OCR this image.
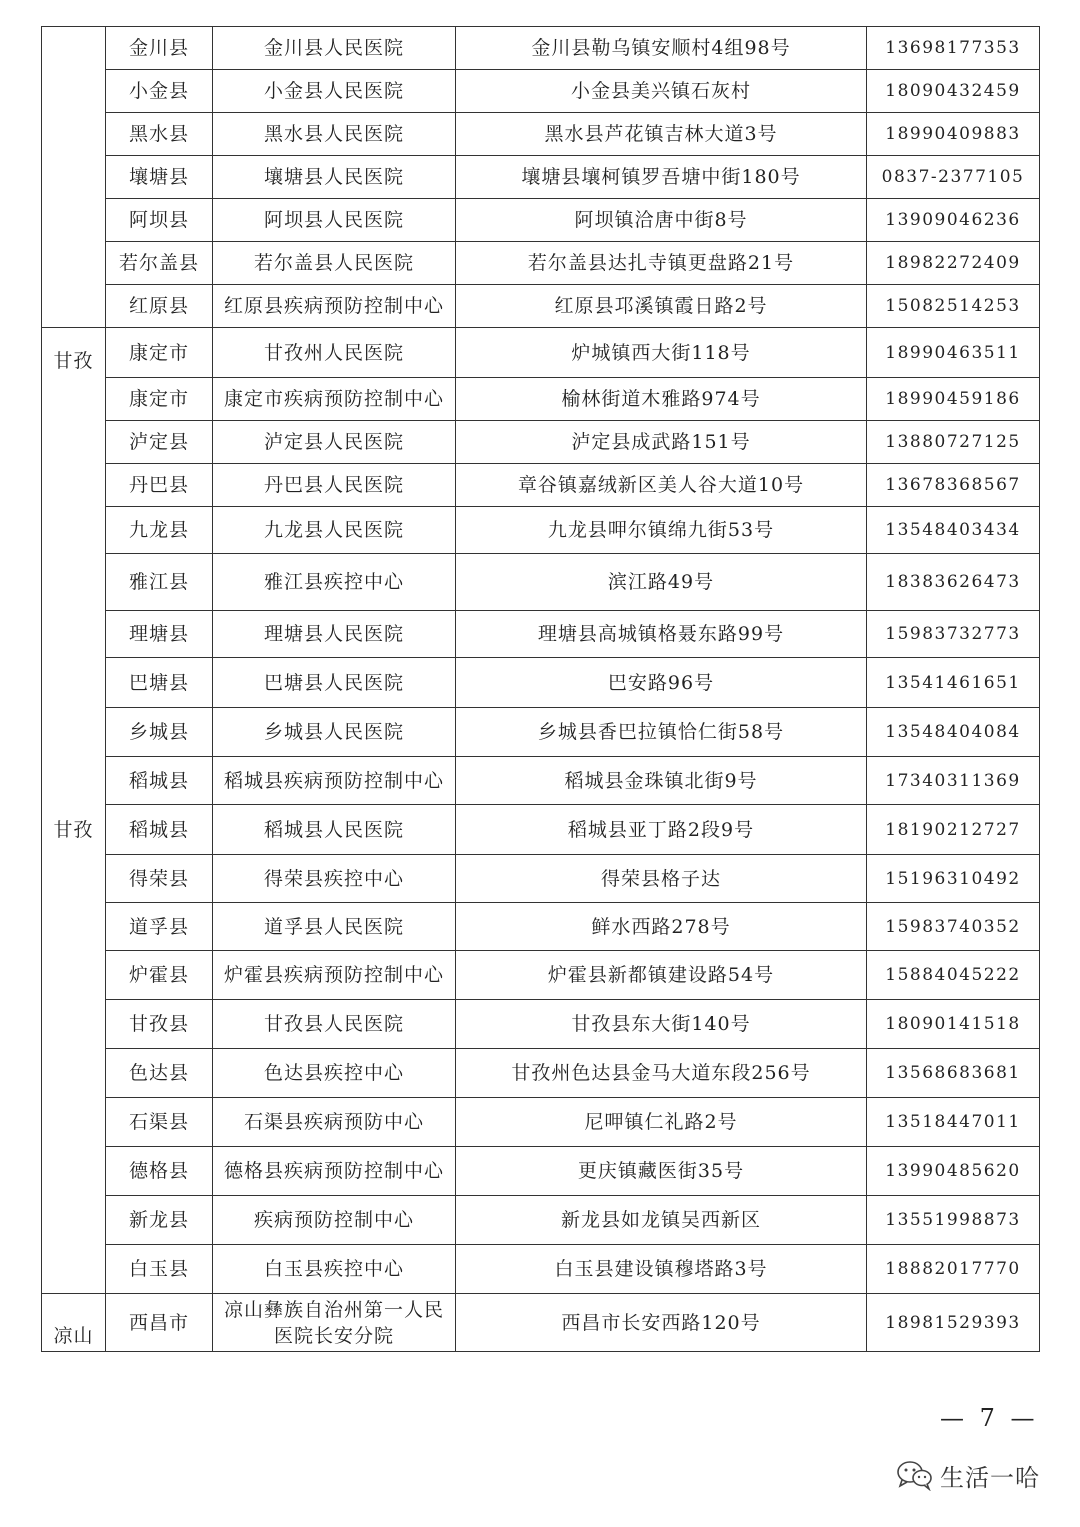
	金川县	金川县人民医院	金川县勒乌镇安顺村4组98号	13698177353
	小金县	小金县人民医院	小金县美兴镇石灰村	18090432459
	黑水县	黑水县人民医院	黑水县芦花镇吉林大道3号	18990409883
	壤塘县	壤塘县人民医院	壤塘县壤柯镇罗吾塘中街180号	0837-2377105
	阿坝县	阿坝县人民医院	阿坝镇洽唐中街8号	13909046236
	若尔盖县	若尔盖县人民医院	若尔盖县达扎寺镇更盘路21号	18982272409
	红原县	红原县疾病预防控制中心	红原县邛溪镇霞日路2号	15082514253
甘孜	康定市	甘孜州人民医院	炉城镇西大街118号	18990463511
	康定市	康定市疾病预防控制中心	榆林街道木雅路974号	18990459186
	泸定县	泸定县人民医院	泸定县成武路151号	13880727125
	丹巴县	丹巴县人民医院	章谷镇嘉绒新区美人谷大道10号	13678368567
	九龙县	九龙县人民医院	九龙县呷尔镇绵九街53号	13548403434
	雅江县	雅江县疾控中心	滨江路49号	18383626473
	理塘县	理塘县人民医院	理塘县高城镇格聂东路99号	15983732773
	巴塘县	巴塘县人民医院	巴安路96号	13541461651
	乡城县	乡城县人民医院	乡城县香巴拉镇恰仁街58号	13548404084
	稻城县	稻城县疾病预防控制中心	稻城县金珠镇北街9号	17340311369
甘孜	稻城县	稻城县人民医院	稻城县亚丁路2段9号	18190212727
	得荣县	得荣县疾控中心	得荣县格子达	15196310492
	道孚县	道孚县人民医院	鲜水西路278号	15983740352
	炉霍县	炉霍县疾病预防控制中心	炉霍县新都镇建设路54号	15884045222
	甘孜县	甘孜县人民医院	甘孜县东大街140号	18090141518
	色达县	色达县疾控中心	甘孜州色达县金马大道东段256号	13568683681
	石渠县	石渠县疾病预防中心	尼呷镇仁礼路2号	13518447011
	德格县	德格县疾病预防控制中心	更庆镇藏医街35号	13990485620
	新龙县	疾病预防控制中心	新龙县如龙镇吴西新区	13551998873
	白玉县	白玉县疾控中心	白玉县建设镇穆塔路3号	18882017770
凉山	西昌市	凉山彝族自治州第一人民医院长安分院	西昌市长安西路120号	18981529393
— 7 —
生活一哈
